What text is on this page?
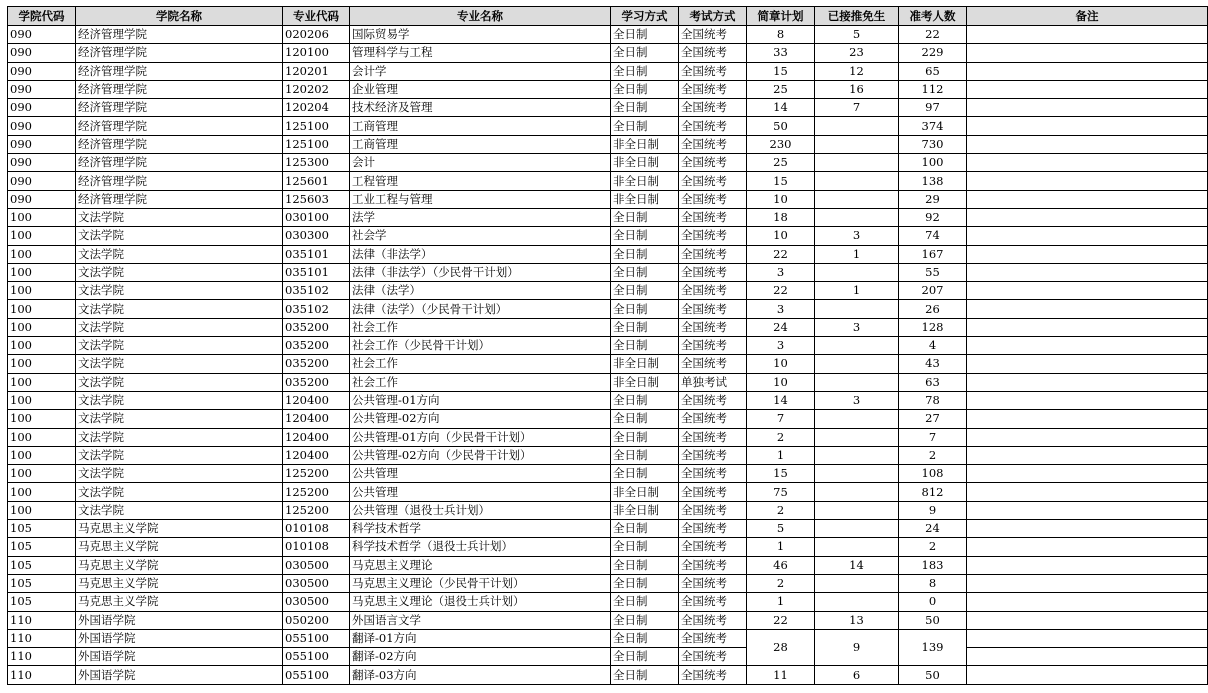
学院代码	学院名称	专业代码	专业名称	学习方式	考试方式	简章计划	已接推免生	准考人数	备注
090	经济管理学院	020206	国际贸易学	全日制	全国统考	8	5	22	
090	经济管理学院	120100	管理科学与工程	全日制	全国统考	33	23	229	
090	经济管理学院	120201	会计学	全日制	全国统考	15	12	65	
090	经济管理学院	120202	企业管理	全日制	全国统考	25	16	112	
090	经济管理学院	120204	技术经济及管理	全日制	全国统考	14	7	97	
090	经济管理学院	125100	工商管理	全日制	全国统考	50		374	
090	经济管理学院	125100	工商管理	非全日制	全国统考	230		730	
090	经济管理学院	125300	会计	非全日制	全国统考	25		100	
090	经济管理学院	125601	工程管理	非全日制	全国统考	15		138	
090	经济管理学院	125603	工业工程与管理	非全日制	全国统考	10		29	
100	文法学院	030100	法学	全日制	全国统考	18		92	
100	文法学院	030300	社会学	全日制	全国统考	10	3	74	
100	文法学院	035101	法律（非法学）	全日制	全国统考	22	1	167	
100	文法学院	035101	法律（非法学）（少民骨干计划）	全日制	全国统考	3		55	
100	文法学院	035102	法律（法学）	全日制	全国统考	22	1	207	
100	文法学院	035102	法律（法学）（少民骨干计划）	全日制	全国统考	3		26	
100	文法学院	035200	社会工作	全日制	全国统考	24	3	128	
100	文法学院	035200	社会工作（少民骨干计划）	全日制	全国统考	3		4	
100	文法学院	035200	社会工作	非全日制	全国统考	10		43	
100	文法学院	035200	社会工作	非全日制	单独考试	10		63	
100	文法学院	120400	公共管理-01方向	全日制	全国统考	14	3	78	
100	文法学院	120400	公共管理-02方向	全日制	全国统考	7		27	
100	文法学院	120400	公共管理-01方向（少民骨干计划）	全日制	全国统考	2		7	
100	文法学院	120400	公共管理-02方向（少民骨干计划）	全日制	全国统考	1		2	
100	文法学院	125200	公共管理	全日制	全国统考	15		108	
100	文法学院	125200	公共管理	非全日制	全国统考	75		812	
100	文法学院	125200	公共管理（退役士兵计划）	非全日制	全国统考	2		9	
105	马克思主义学院	010108	科学技术哲学	全日制	全国统考	5		24	
105	马克思主义学院	010108	科学技术哲学（退役士兵计划）	全日制	全国统考	1		2	
105	马克思主义学院	030500	马克思主义理论	全日制	全国统考	46	14	183	
105	马克思主义学院	030500	马克思主义理论（少民骨干计划）	全日制	全国统考	2		8	
105	马克思主义学院	030500	马克思主义理论（退役士兵计划）	全日制	全国统考	1		0	
110	外国语学院	050200	外国语言文学	全日制	全国统考	22	13	50	
110	外国语学院	055100	翻译-01方向	全日制	全国统考	28	9	139	
110	外国语学院	055100	翻译-02方向	全日制	全国统考				
110	外国语学院	055100	翻译-03方向	全日制	全国统考	11	6	50	
